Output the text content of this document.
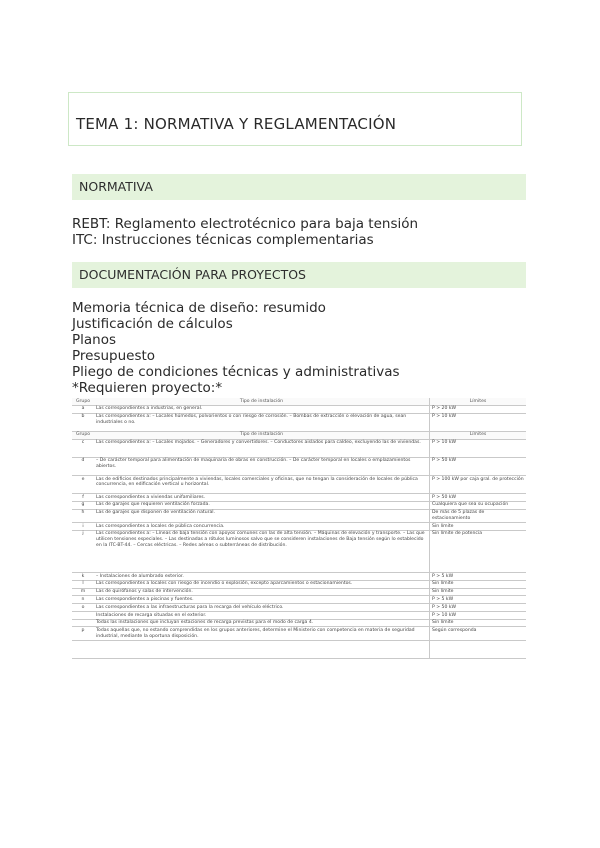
TEMA 1: NORMATIVA Y REGLAMENTACIÓN
NORMATIVA
REBT: Reglamento electrotécnico para baja tensión
ITC: Instrucciones técnicas complementarias
DOCUMENTACIÓN PARA PROYECTOS
Memoria técnica de diseño: resumido
Justificación de cálculos
Planos
Presupuesto
Pliego de condiciones técnicas y administrativas
*Requieren proyecto:*
Grupo	Tipo de instalación	Límites
a	Las correspondientes a industrias, en general.	P > 20 kW
b	Las correspondientes a: – Locales húmedos, polvorientos o con riesgo de corrosión. – Bombas de extracción o elevación de agua, sean industriales o no.	P > 10 kW
Grupo	Tipo de instalación	Límites
c	Las correspondientes a: – Locales mojados. – Generadores y convertidores. – Conductores aislados para caldeo, excluyendo las de viviendas.	P > 10 kW
d	– De carácter temporal para alimentación de maquinaria de obras en construcción. – De carácter temporal en locales o emplazamientos abiertos.	P > 50 kW
e	Las de edificios destinados principalmente a viviendas, locales comerciales y oficinas, que no tengan la consideración de locales de pública concurrencia, en edificación vertical u horizontal.	P > 100 kW por caja gral. de protección
f	Las correspondientes a viviendas unifamiliares.	P > 50 kW
g	Las de garajes que requieren ventilación forzada.	Cualquiera que sea su ocupación
h	Las de garajes que disponen de ventilación natural.	De más de 5 plazas de estacionamiento
i	Las correspondientes a locales de pública concurrencia.	Sin límite
j	Las correspondientes a: – Líneas de baja tensión con apoyos comunes con las de alta tensión. – Máquinas de elevación y transporte. – Las que utilicen tensiones especiales. – Las destinadas a rótulos luminosos salvo que se consideren instalaciones de Baja tensión según lo establecido en la ITC-BT-44. – Cercas eléctricas. – Redes aéreas o subterráneas de distribución.	Sin límite de potencia
k	– Instalaciones de alumbrado exterior.	P > 5 kW
l	Las correspondientes a locales con riesgo de incendio o explosión, excepto aparcamientos o estacionamientos.	Sin límite
m	Las de quirófanos y salas de intervención.	Sin límite
n	Las correspondientes a piscinas y fuentes.	P > 5 kW
o	Las correspondientes a las infraestructuras para la recarga del vehículo eléctrico.	P > 50 kW
	Instalaciones de recarga situadas en el exterior.	P > 10 kW
	Todas las instalaciones que incluyan estaciones de recarga previstas para el modo de carga 4.	Sin límite
p	Todas aquellas que, no estando comprendidas en los grupos anteriores, determine el Ministerio con competencia en materia de seguridad industrial, mediante la oportuna disposición.	Según corresponda
